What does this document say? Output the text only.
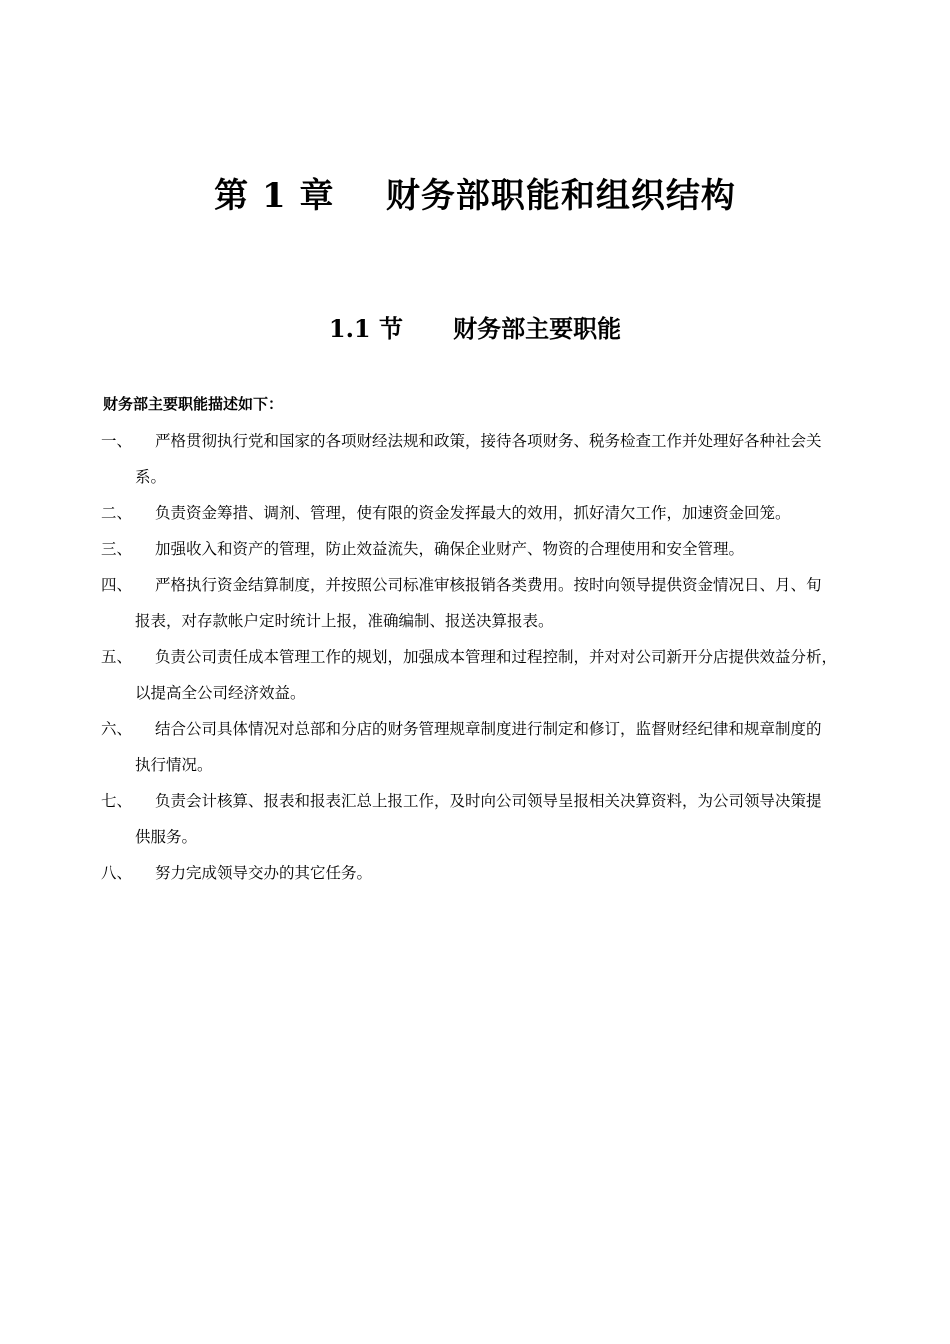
第 1 章    财务部职能和组织结构
1.1 节      财务部主要职能
财务部主要职能描述如下：
一、 严格贯彻执行党和国家的各项财经法规和政策，接待各项财务、税务检查工作并处理好各种社会关
系。
二、 负责资金筹措、调剂、管理，使有限的资金发挥最大的效用，抓好清欠工作，加速资金回笼。
三、 加强收入和资产的管理，防止效益流失，确保企业财产、物资的合理使用和安全管理。
四、 严格执行资金结算制度，并按照公司标准审核报销各类费用。按时向领导提供资金情况日、月、旬
报表，对存款帐户定时统计上报，准确编制、报送决算报表。
五、 负责公司责任成本管理工作的规划，加强成本管理和过程控制，并对对公司新开分店提供效益分析，
以提高全公司经济效益。
六、 结合公司具体情况对总部和分店的财务管理规章制度进行制定和修订，监督财经纪律和规章制度的
执行情况。
七、 负责会计核算、报表和报表汇总上报工作，及时向公司领导呈报相关决算资料，为公司领导决策提
供服务。
八、 努力完成领导交办的其它任务。
